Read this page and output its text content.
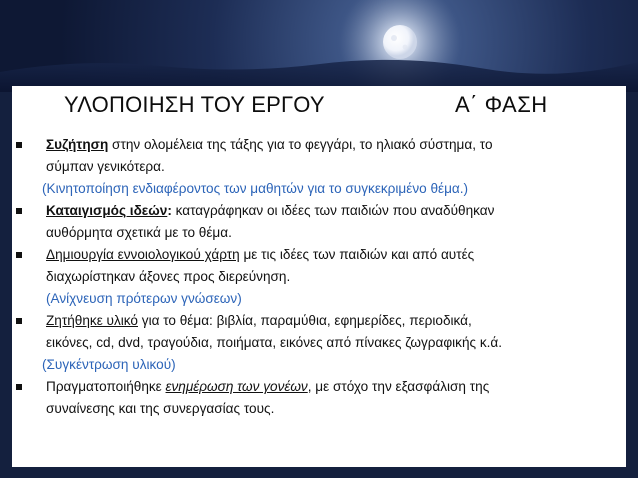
ΥΛΟΠΟΙΗΣΗ ΤΟΥ ΕΡΓΟΥ	Α΄ ΦΑΣΗ
Συζήτηση στην ολομέλεια της τάξης για το φεγγάρι, το ηλιακό σύστημα, το
σύμπαν γενικότερα.
(Κινητοποίηση ενδιαφέροντος των μαθητών για το συγκεκριμένο θέμα.)
Καταιγισμός ιδεών: καταγράφηκαν οι ιδέες των παιδιών που αναδύθηκαν
αυθόρμητα σχετικά με το θέμα.
Δημιουργία εννοιολογικού χάρτη με τις ιδέες των παιδιών και από αυτές
διαχωρίστηκαν άξονες προς διερεύνηση.
(Ανίχνευση πρότερων γνώσεων)
Ζητήθηκε υλικό για το θέμα: βιβλία, παραμύθια, εφημερίδες, περιοδικά,
εικόνες, cd, dvd, τραγούδια, ποιήματα, εικόνες από πίνακες ζωγραφικής κ.ά.
(Συγκέντρωση υλικού)
Πραγματοποιήθηκε ενημέρωση των γονέων, με στόχο την εξασφάλιση της
συναίνεσης και της συνεργασίας τους.
